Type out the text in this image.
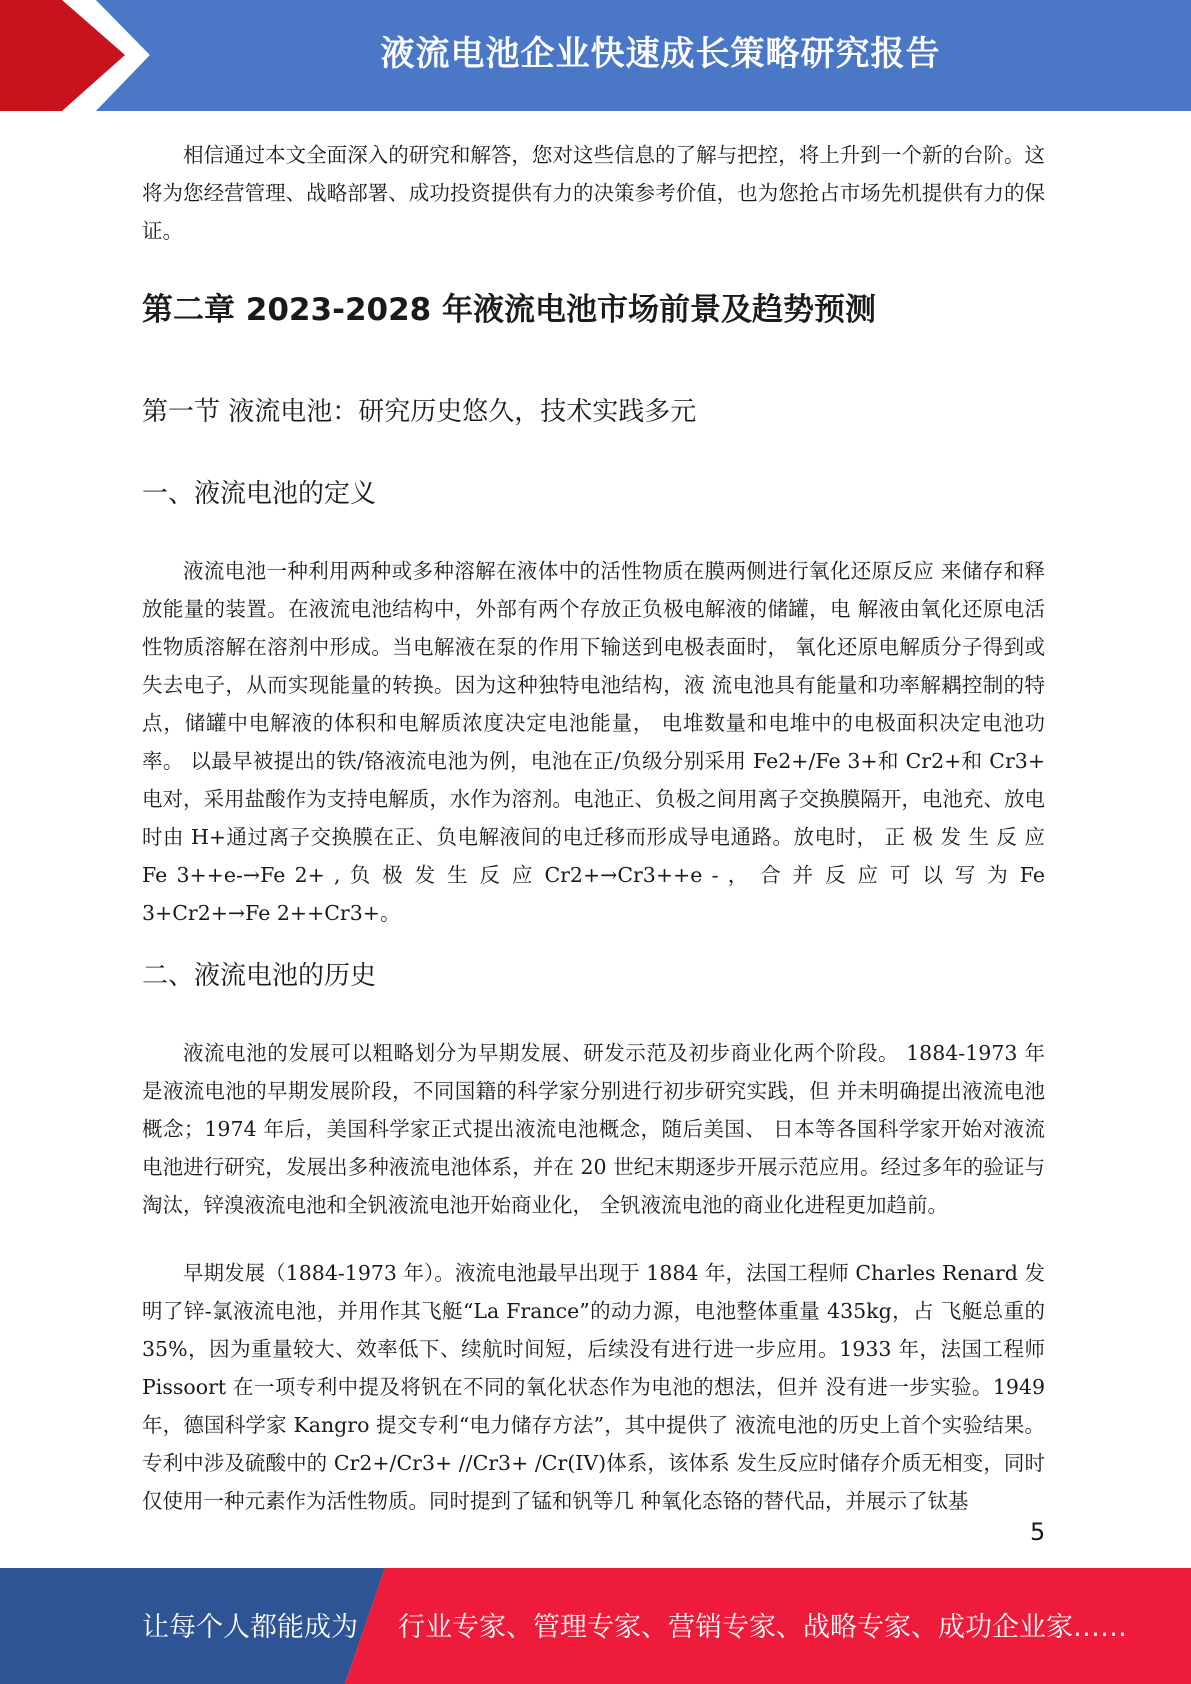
液流电池企业快速成长策略研究报告

相信通过本文全面深入的研究和解答，您对这些信息的了解与把控，将上升到一个新的台阶。这将为您经营管理、战略部署、成功投资提供有力的决策参考价值，也为您抢占市场先机提供有力的保证。

第二章 2023-2028 年液流电池市场前景及趋势预测
第一节 液流电池：研究历史悠久，技术实践多元
一、液流电池的定义

液流电池一种利用两种或多种溶解在液体中的活性物质在膜两侧进行氧化还原反应 来储存和释放能量的装置。在液流电池结构中，外部有两个存放正负极电解液的储罐，电 解液由氧化还原电活性物质溶解在溶剂中形成。当电解液在泵的作用下输送到电极表面时， 氧化还原电解质分子得到或失去电子，从而实现能量的转换。因为这种独特电池结构，液 流电池具有能量和功率解耦控制的特点，储罐中电解液的体积和电解质浓度决定电池能量， 电堆数量和电堆中的电极面积决定电池功率。 以最早被提出的铁/铬液流电池为例，电池在正/负级分别采用 Fe2+/Fe 3+和 Cr2+和 Cr3+ 电对，采用盐酸作为支持电解质，水作为溶剂。电池正、负极之间用离子交换膜隔开，电池充、放电时由 H+通过离子交换膜在正、负电解液间的电迁移而形成导电通路。放电时， 正 极 发 生 反 应 Fe 3++e-→Fe 2+ , 负 极 发 生 反 应 Cr2+→Cr3++e - ， 合 并 反 应 可 以 写 为 Fe 3+Cr2+→Fe 2++Cr3+。

二、液流电池的历史

液流电池的发展可以粗略划分为早期发展、研发示范及初步商业化两个阶段。 1884-1973 年是液流电池的早期发展阶段，不同国籍的科学家分别进行初步研究实践，但 并未明确提出液流电池概念；1974 年后，美国科学家正式提出液流电池概念，随后美国、 日本等各国科学家开始对液流电池进行研究，发展出多种液流电池体系，并在 20 世纪末期逐步开展示范应用。经过多年的验证与淘汰，锌溴液流电池和全钒液流电池开始商业化， 全钒液流电池的商业化进程更加趋前。

早期发展（1884-1973 年）。液流电池最早出现于 1884 年，法国工程师 Charles Renard 发明了锌-氯液流电池，并用作其飞艇“La France”的动力源，电池整体重量 435kg，占 飞艇总重的 35%，因为重量较大、效率低下、续航时间短，后续没有进行进一步应用。1933 年，法国工程师 Pissoort 在一项专利中提及将钒在不同的氧化状态作为电池的想法，但并 没有进一步实验。1949 年，德国科学家 Kangro 提交专利“电力储存方法”，其中提供了 液流电池的历史上首个实验结果。专利中涉及硫酸中的 Cr2+/Cr3+ //Cr3+ /Cr(IV)体系，该体系 发生反应时储存介质无相变，同时仅使用一种元素作为活性物质。同时提到了锰和钒等几 种氧化态铬的替代品，并展示了钛基

5
让每个人都能成为 行业专家、管理专家、营销专家、战略专家、成功企业家……
